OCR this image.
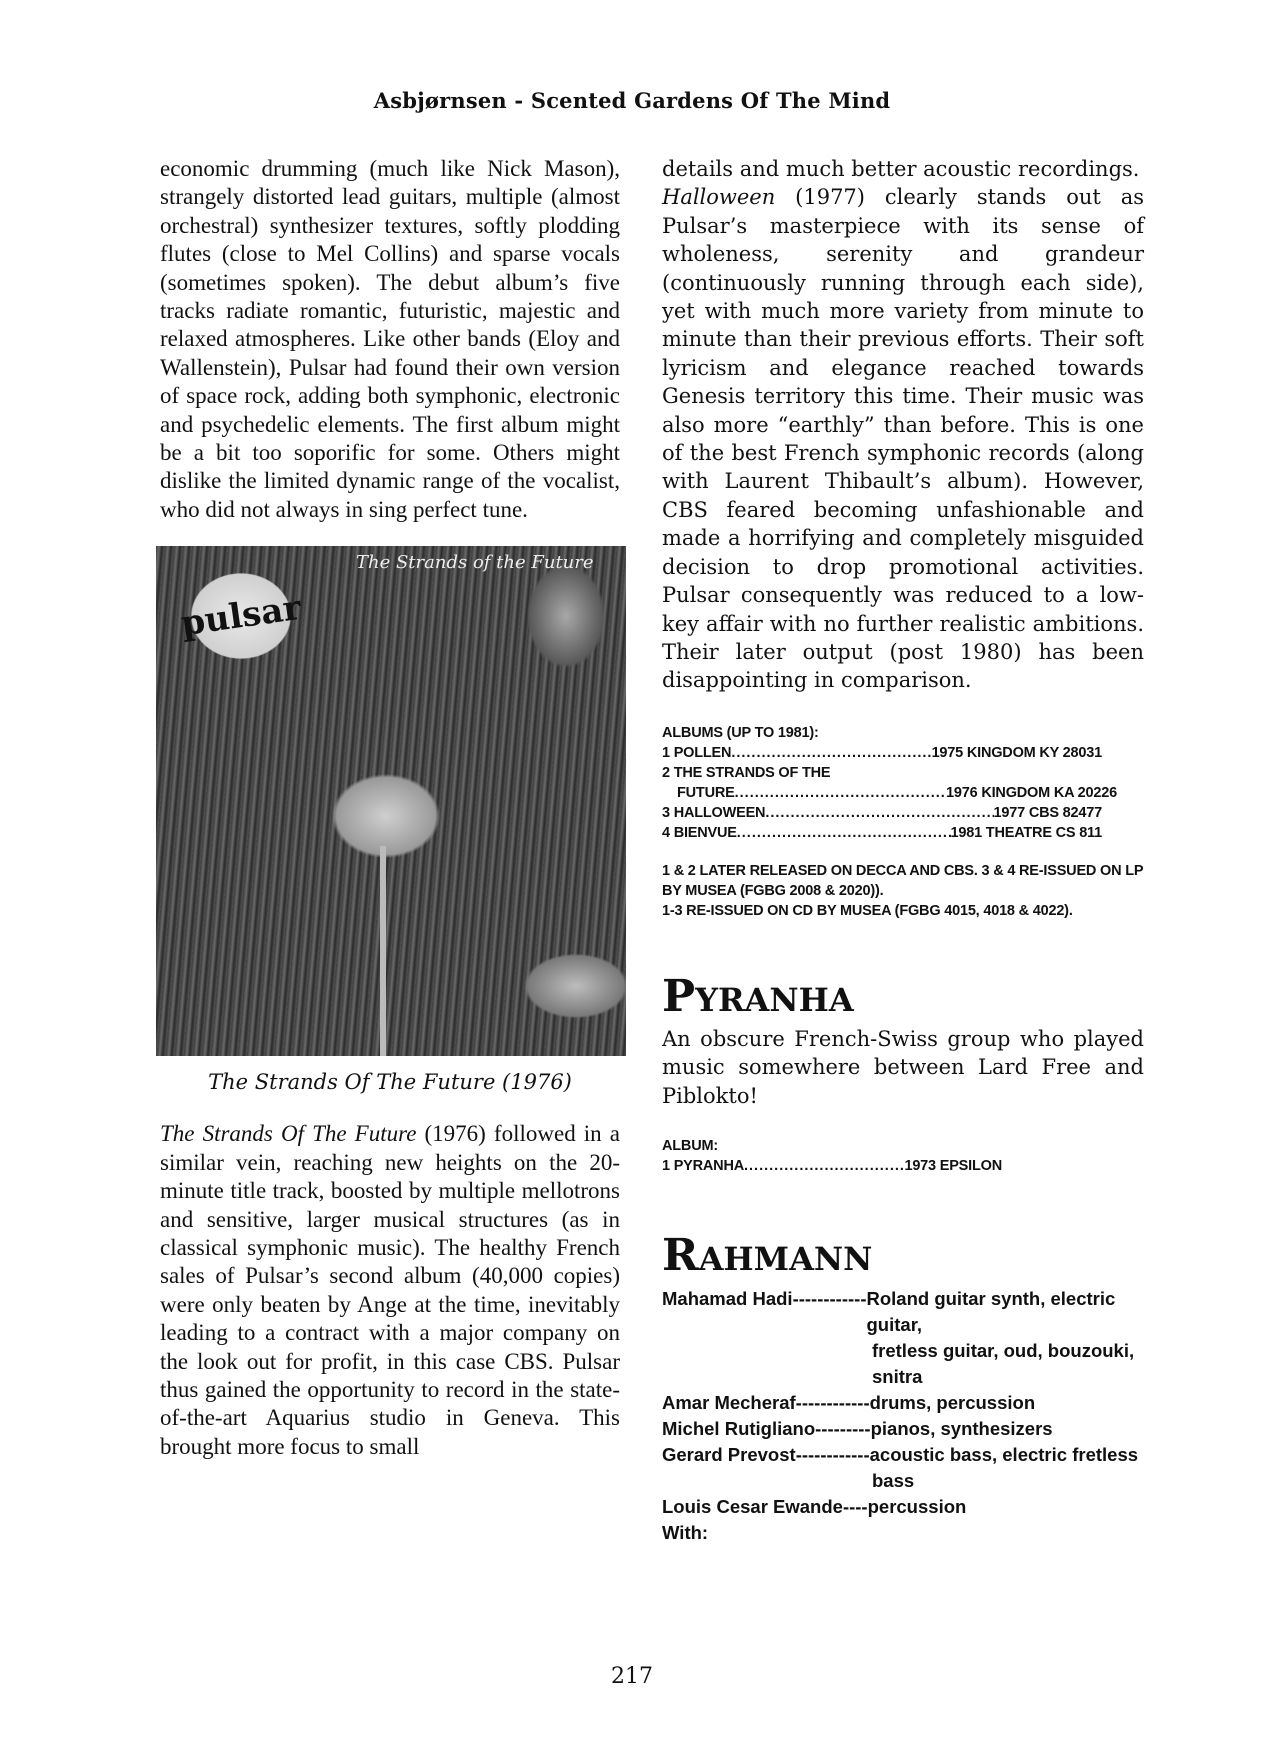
Asbjørnsen - Scented Gardens Of The Mind

economic drumming (much like Nick Mason), strangely distorted lead guitars, multiple (almost orchestral) synthesizer textures, softly plodding flutes (close to Mel Collins) and sparse vocals (sometimes spoken). The debut album’s five tracks radiate romantic, futuristic, majestic and relaxed atmospheres. Like other bands (Eloy and Wallenstein), Pulsar had found their own version of space rock, adding both symphonic, electronic and psychedelic elements. The first album might be a bit too soporific for some. Others might dislike the limited dynamic range of the vocalist, who did not always in sing perfect tune.

pulsar
The Strands of the Future
The Strands Of The Future (1976)

The Strands Of The Future (1976) followed in a similar vein, reaching new heights on the 20-minute title track, boosted by multiple mellotrons and sensitive, larger musical structures (as in classical symphonic music). The healthy French sales of Pulsar’s second album (40,000 copies) were only beaten by Ange at the time, inevitably leading to a contract with a major company on the look out for profit, in this case CBS. Pulsar thus gained the opportunity to record in the state-of-the-art Aquarius studio in Geneva. This brought more focus to small

details and much better acoustic recordings.

Halloween (1977) clearly stands out as Pulsar’s masterpiece with its sense of wholeness, serenity and grandeur (continuously running through each side), yet with much more variety from minute to minute than their previous efforts. Their soft lyricism and elegance reached towards Genesis territory this time. Their music was also more “earthly” than before. This is one of the best French symphonic records (along with Laurent Thibault’s album). However, CBS feared becoming unfashionable and made a horrifying and completely misguided decision to drop promotional activities. Pulsar consequently was reduced to a low-key affair with no further realistic ambitions. Their later output (post 1980) has been disappointing in comparison.

ALBUMS (UP TO 1981):
1 POLLEN .....	1975 KINGDOM KY 28031
2 THE STRANDS OF THE
FUTURE .....	1976 KINGDOM KA 20226
3 HALLOWEEN .....	1977 CBS 82477
4 BIENVUE .....	1981 THEATRE CS 811
1 & 2 LATER RELEASED ON DECCA AND CBS. 3 & 4 RE-ISSUED ON LP BY MUSEA (FGBG 2008 & 2020)).
1-3 RE-ISSUED ON CD BY MUSEA (FGBG 4015, 4018 & 4022).
PYRANHA

An obscure French-Swiss group who played music somewhere between Lard Free and Piblokto!

ALBUM:
1 PYRANHA .....	1973 EPSILON
RAHMANN
Mahamad Hadi ------------ Roland guitar synth, electric guitar,
fretless guitar, oud, bouzouki,
snitra
Amar Mecheraf ------------ drums, percussion
Michel Rutigliano --------- pianos, synthesizers
Gerard Prevost ------------ acoustic bass, electric fretless
bass
Louis Cesar Ewande ---- percussion
With:
217
